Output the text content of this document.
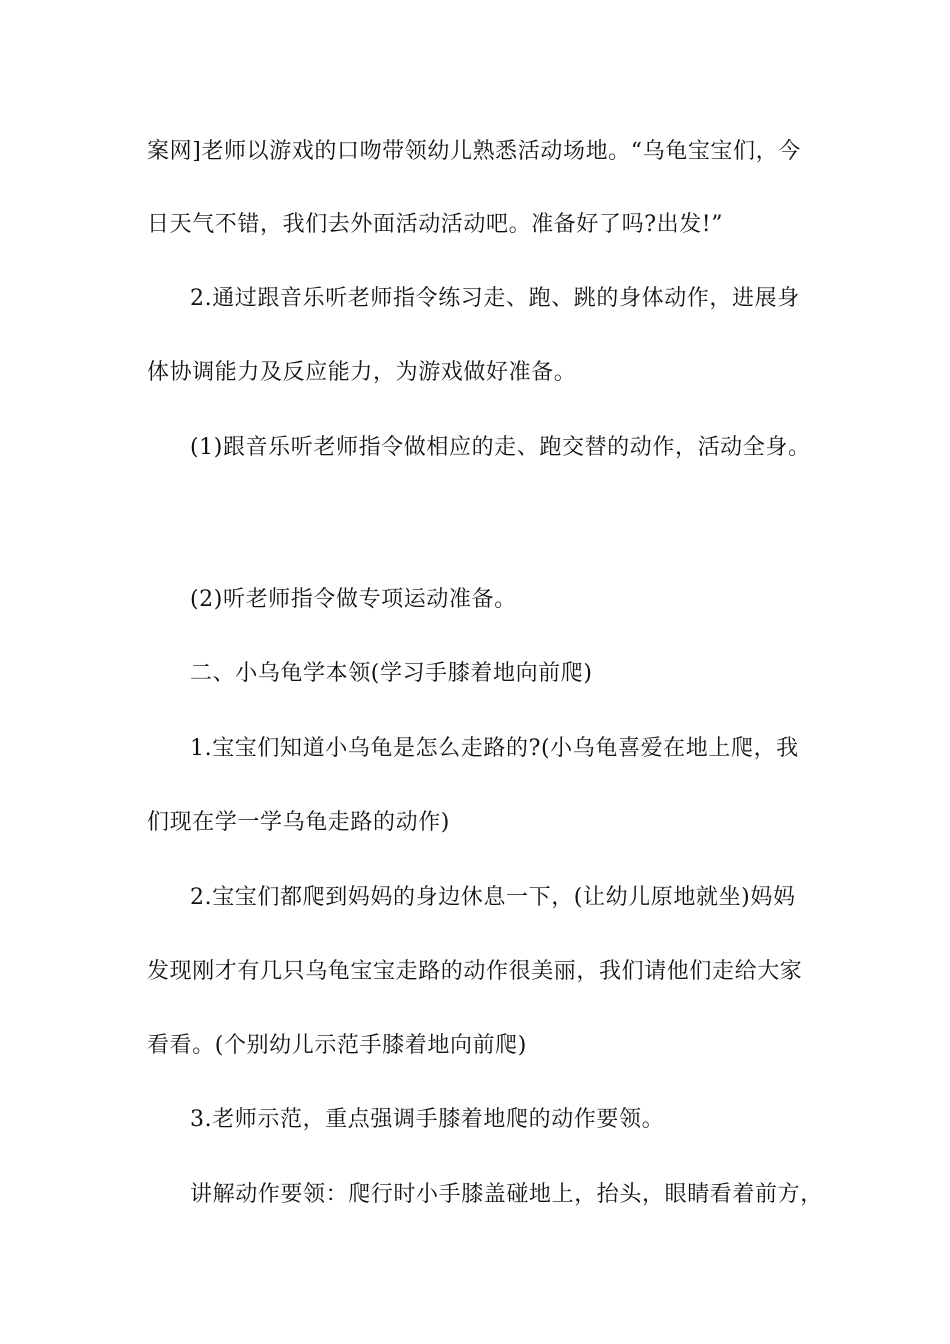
案网]老师以游戏的口吻带领幼儿熟悉活动场地。“乌龟宝宝们，今
日天气不错，我们去外面活动活动吧。准备好了吗?出发!”
2.通过跟音乐听老师指令练习走、跑、跳的身体动作，进展身
体协调能力及反应能力，为游戏做好准备。
(1)跟音乐听老师指令做相应的走、跑交替的动作，活动全身。
(2)听老师指令做专项运动准备。
二、小乌龟学本领(学习手膝着地向前爬)
1.宝宝们知道小乌龟是怎么走路的?(小乌龟喜爱在地上爬，我
们现在学一学乌龟走路的动作)
2.宝宝们都爬到妈妈的身边休息一下，(让幼儿原地就坐)妈妈
发现刚才有几只乌龟宝宝走路的动作很美丽，我们请他们走给大家
看看。(个别幼儿示范手膝着地向前爬)
3.老师示范，重点强调手膝着地爬的动作要领。
讲解动作要领：爬行时小手膝盖碰地上，抬头，眼睛看着前方，
